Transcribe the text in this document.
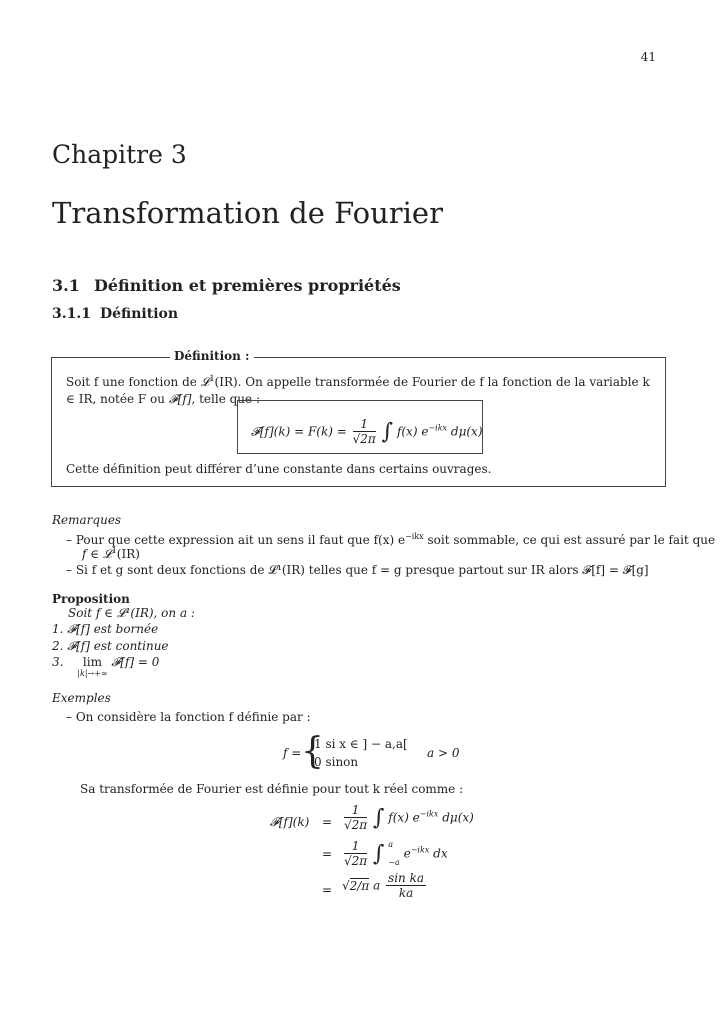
41
Chapitre 3
Transformation de Fourier
3.1 Définition et premières propriétés
3.1.1 Définition
Définition :
Soit f une fonction de 𝓛$^1$(IR). On appelle transformée de Fourier de f la fonction de la variable k ∈ IR, notée F ou 𝓕[f], telle que :
𝓕[f](k) = $F(k) = \frac{1}{√2\pi}$ ∫ f(x) $e^{-ikx}$ dμ(x)
Cette définition peut différer d’une constante dans certains ouvrages.
Remarques
– Pour que cette expression ait un sens il faut que f(x) $e^{-ikx}$ soit sommable, ce qui est assuré par le fait que
f ∈ 𝓛$^1$(IR)
– Si f et g sont deux fonctions de 𝓛¹(IR) telles que f = g presque partout sur IR alors 𝓕[f] = 𝓕[g]
Proposition
Soit f ∈ 𝓛¹(IR), on a :
1. 𝓕[f] est bornée
2. 𝓕[f] est continue
3.	lim
|k|→+∞
𝓕[f] = 0
Exemples
– On considère la fonction f définie par :
f = {
1 si x ∈ ] − a,a[
0 sinon
a > 0
Sa transformée de Fourier est définie pour tout k réel comme :
𝓕[f](k) = $\frac{1}{√2\pi}$ ∫ f(x) $e^{-ikx}$ dμ(x)
= $\frac{1}{√2\pi}$ ∫ a
−a
$e^{-ikx}$ dx
= √2/π a $\frac{\text{sin ka}}{ka}$
